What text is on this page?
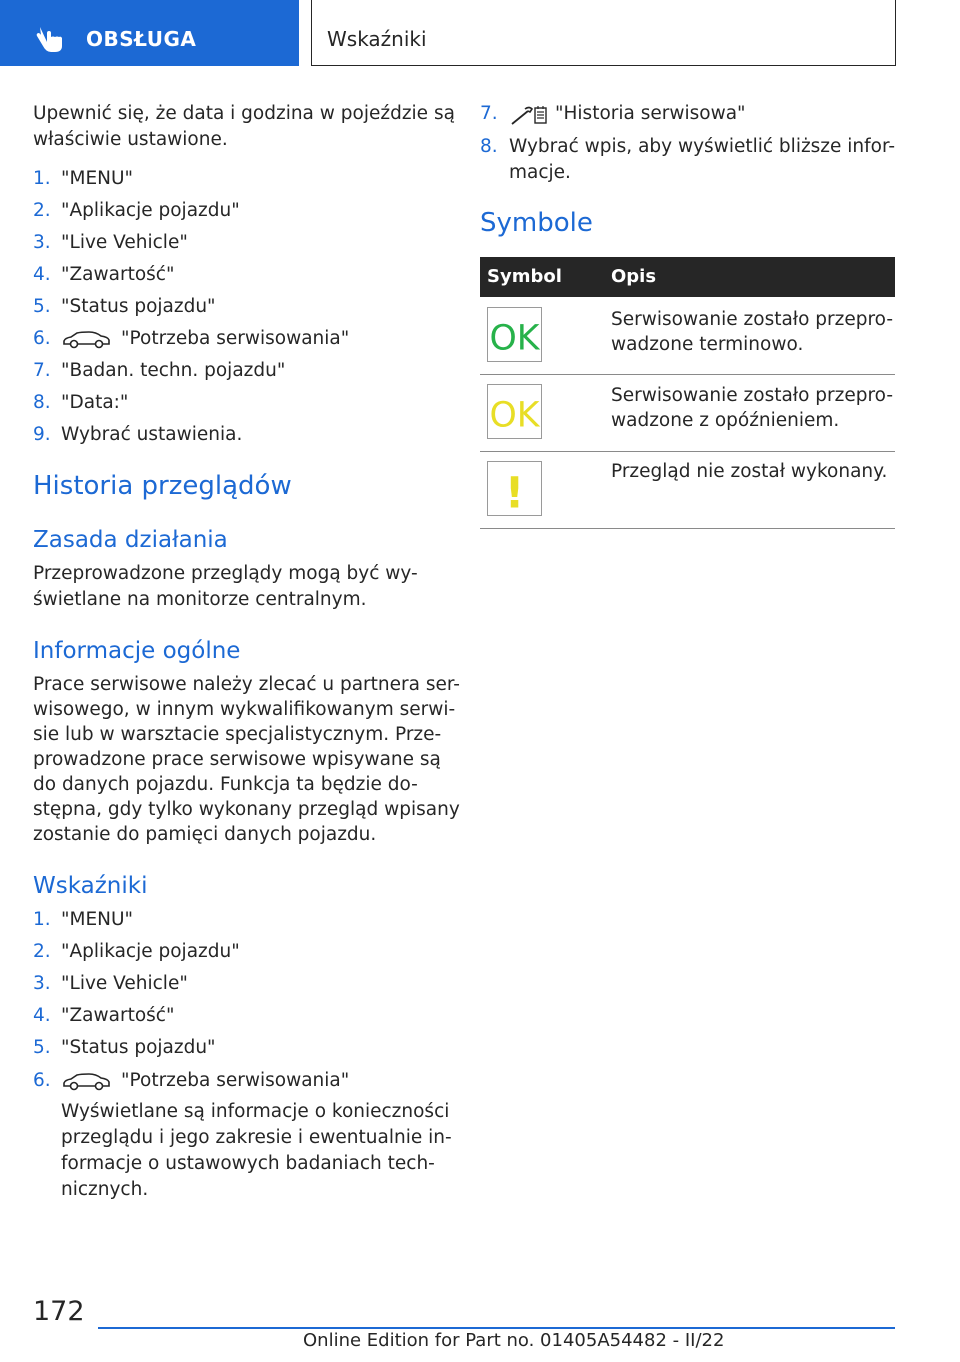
OBSŁUGA	Wskaźniki
Upewnić się, że data i godzina w pojeździe są
właściwie ustawione.
1. "MENU"
2. "Aplikacje pojazdu"
3. "Live Vehicle"
4. "Zawartość"
5. "Status pojazdu"
6.	"Potrzeba serwisowania"
7. "Badan. techn. pojazdu"
8. "Data:"
9. Wybrać ustawienia.
Historia przeglądów
Zasada działania
Przeprowadzone przeglądy mogą być wy-
świetlane na monitorze centralnym.
Informacje ogólne
Prace serwisowe należy zlecać u partnera ser-
wisowego, w innym wykwalifikowanym serwi-
sie lub w warsztacie specjalistycznym. Prze-
prowadzone prace serwisowe wpisywane są
do danych pojazdu. Funkcja ta będzie do-
stępna, gdy tylko wykonany przegląd wpisany
zostanie do pamięci danych pojazdu.
Wskaźniki
1. "MENU"
2. "Aplikacje pojazdu"
3. "Live Vehicle"
4. "Zawartość"
5. "Status pojazdu"
6.	"Potrzeba serwisowania"
Wyświetlane są informacje o konieczności
przeglądu i jego zakresie i ewentualnie in-
formacje o ustawowych badaniach tech-
nicznych.
7.	"Historia serwisowa"
8. Wybrać wpis, aby wyświetlić bliższe infor-
macje.
Symbole
Symbol	Opis
OK	Serwisowanie zostało przepro-
wadzone terminowo.
OK	Serwisowanie zostało przepro-
wadzone z opóźnieniem.
!	Przegląd nie został wykonany.
172
Online Edition for Part no. 01405A54482 - II/22
